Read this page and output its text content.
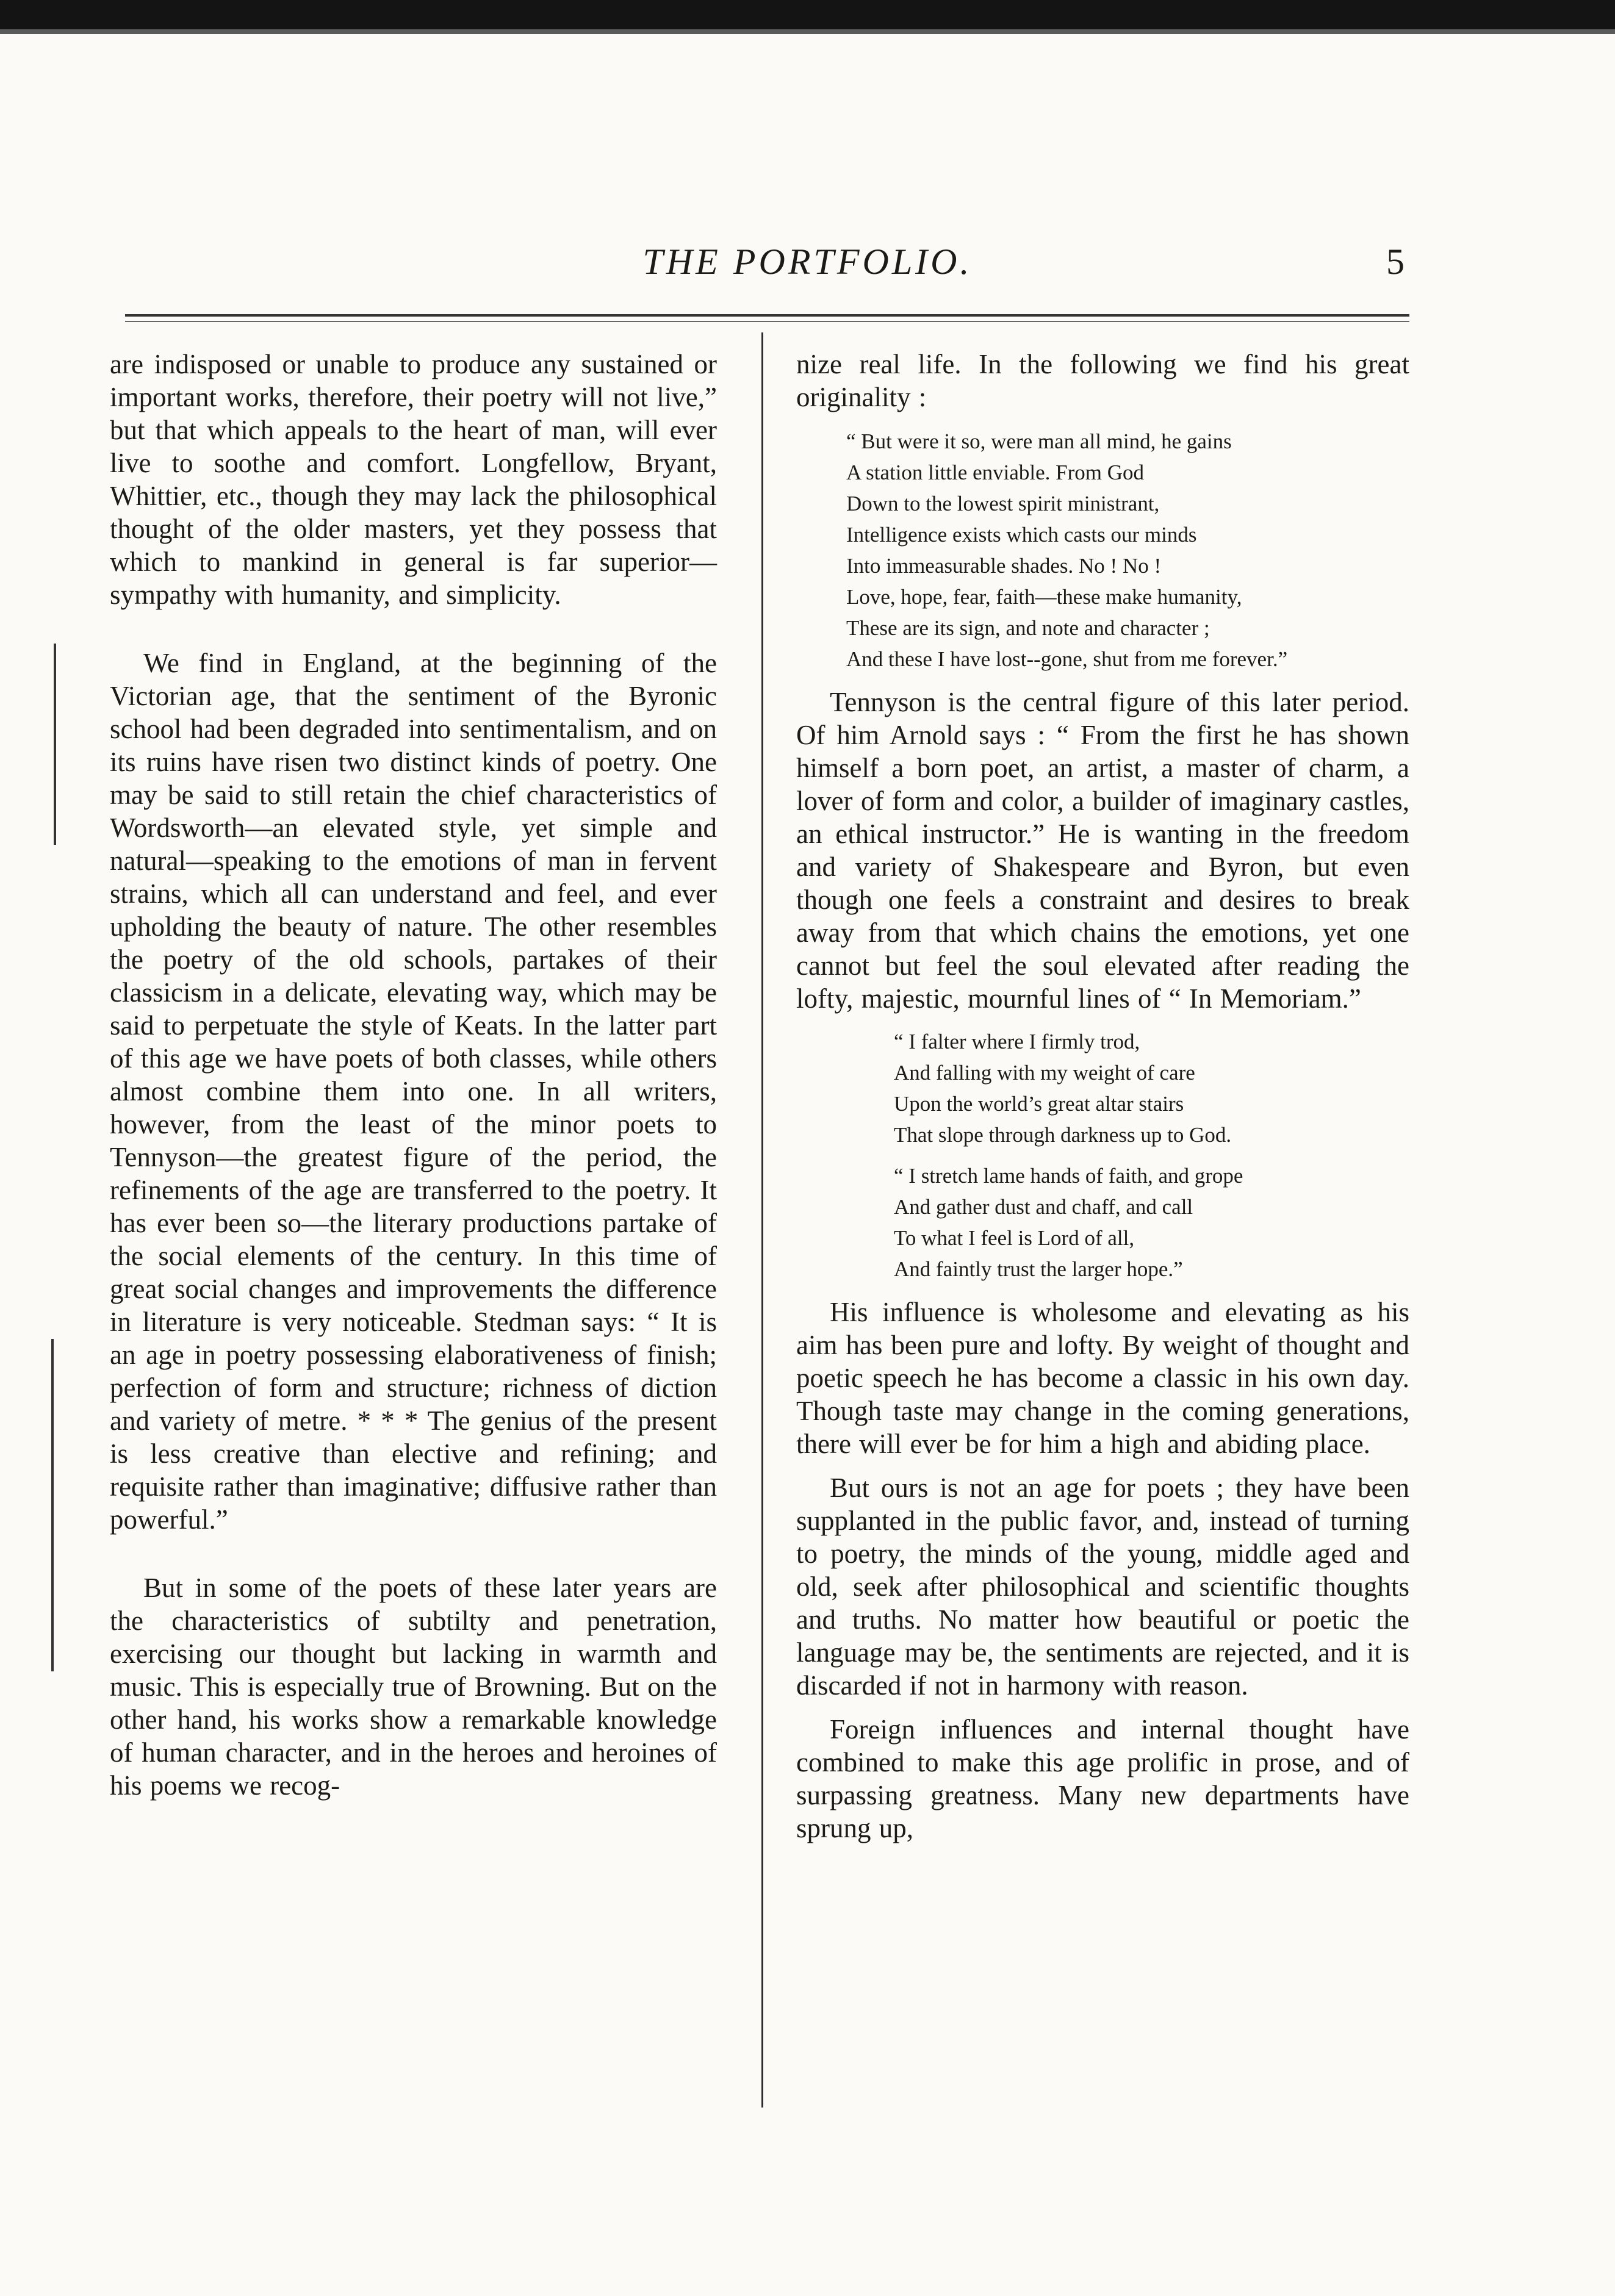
THE PORTFOLIO.	5

are indisposed or unable to produce any sustained or important works, therefore, their poetry will not live,” but that which appeals to the heart of man, will ever live to soothe and comfort. Longfellow, Bryant, Whittier, etc., though they may lack the philosophical thought of the older masters, yet they possess that which to mankind in general is far superior—sympathy with humanity, and simplicity.

We find in England, at the beginning of the Victorian age, that the sentiment of the Byronic school had been degraded into sentimentalism, and on its ruins have risen two distinct kinds of poetry. One may be said to still retain the chief characteristics of Wordsworth—an elevated style, yet simple and natural—speaking to the emotions of man in fervent strains, which all can understand and feel, and ever upholding the beauty of nature. The other resembles the poetry of the old schools, partakes of their classicism in a delicate, elevating way, which may be said to perpetuate the style of Keats. In the latter part of this age we have poets of both classes, while others almost combine them into one. In all writers, however, from the least of the minor poets to Tennyson—the greatest figure of the period, the refinements of the age are transferred to the poetry. It has ever been so—the literary productions partake of the social elements of the century. In this time of great social changes and improvements the difference in literature is very noticeable. Stedman says: “ It is an age in poetry possessing elaborativeness of finish; perfection of form and structure; richness of diction and variety of metre. * * * The genius of the present is less creative than elective and refining; and requisite rather than imaginative; diffusive rather than powerful.”

But in some of the poets of these later years are the characteristics of subtilty and penetration, exercising our thought but lacking in warmth and music. This is especially true of Browning. But on the other hand, his works show a remarkable knowledge of human character, and in the heroes and heroines of his poems we recog-

nize real life. In the following we find his great originality :

“ But were it so, were man all mind, he gains
A station little enviable. From God
Down to the lowest spirit ministrant,
Intelligence exists which casts our minds
Into immeasurable shades. No ! No !
Love, hope, fear, faith—these make humanity,
These are its sign, and note and character ;
And these I have lost--gone, shut from me forever.”

Tennyson is the central figure of this later period. Of him Arnold says : “ From the first he has shown himself a born poet, an artist, a master of charm, a lover of form and color, a builder of imaginary castles, an ethical instructor.” He is wanting in the freedom and variety of Shakespeare and Byron, but even though one feels a constraint and desires to break away from that which chains the emotions, yet one cannot but feel the soul elevated after reading the lofty, majestic, mournful lines of “ In Memoriam.”

“ I falter where I firmly trod,
And falling with my weight of care
Upon the world’s great altar stairs
That slope through darkness up to God.
“ I stretch lame hands of faith, and grope
And gather dust and chaff, and call
To what I feel is Lord of all,
And faintly trust the larger hope.”

His influence is wholesome and elevating as his aim has been pure and lofty. By weight of thought and poetic speech he has become a classic in his own day. Though taste may change in the coming generations, there will ever be for him a high and abiding place.

But ours is not an age for poets ; they have been supplanted in the public favor, and, instead of turning to poetry, the minds of the young, middle aged and old, seek after philosophical and scientific thoughts and truths. No matter how beautiful or poetic the language may be, the sentiments are rejected, and it is discarded if not in harmony with reason.

Foreign influences and internal thought have combined to make this age prolific in prose, and of surpassing greatness. Many new departments have sprung up,
